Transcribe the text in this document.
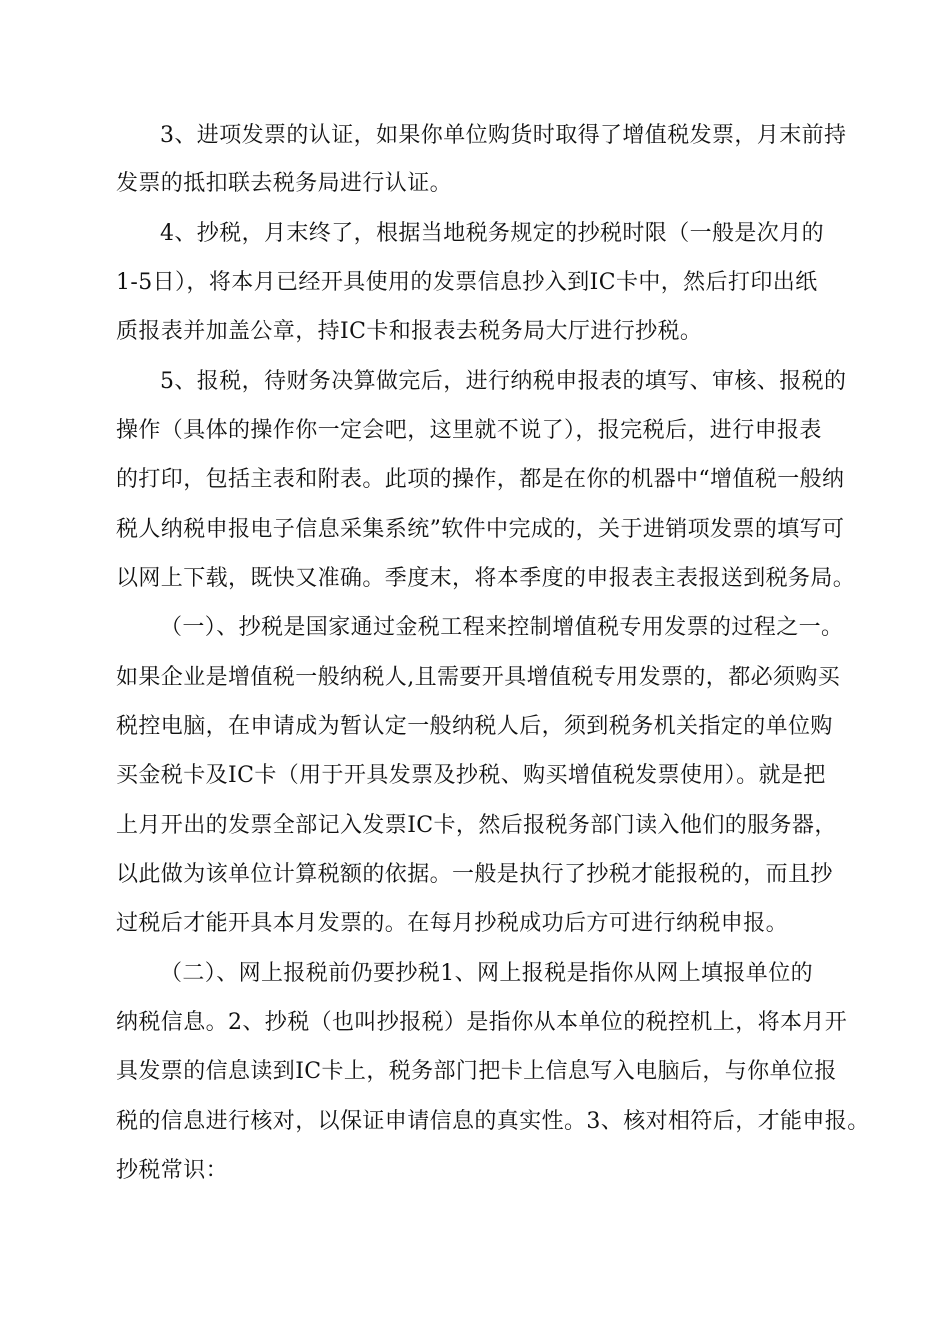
3、进项发票的认证，如果你单位购货时取得了增值税发票，月末前持
发票的抵扣联去税务局进行认证。
4、抄税，月末终了，根据当地税务规定的抄税时限（一般是次月的
1-5日），将本月已经开具使用的发票信息抄入到IC卡中，然后打印出纸
质报表并加盖公章，持IC卡和报表去税务局大厅进行抄税。
5、报税，待财务决算做完后，进行纳税申报表的填写、审核、报税的
操作（具体的操作你一定会吧，这里就不说了），报完税后，进行申报表
的打印，包括主表和附表。此项的操作，都是在你的机器中“增值税一般纳
税人纳税申报电子信息采集系统”软件中完成的，关于进销项发票的填写可
以网上下载，既快又准确。季度末，将本季度的申报表主表报送到税务局。
（一）、抄税是国家通过金税工程来控制增值税专用发票的过程之一。
如果企业是增值税一般纳税人,且需要开具增值税专用发票的，都必须购买
税控电脑，在申请成为暂认定一般纳税人后，须到税务机关指定的单位购
买金税卡及IC卡（用于开具发票及抄税、购买增值税发票使用）。就是把
上月开出的发票全部记入发票IC卡，然后报税务部门读入他们的服务器，
以此做为该单位计算税额的依据。一般是执行了抄税才能报税的，而且抄
过税后才能开具本月发票的。在每月抄税成功后方可进行纳税申报。
（二）、网上报税前仍要抄税1、网上报税是指你从网上填报单位的
纳税信息。2、抄税（也叫抄报税）是指你从本单位的税控机上，将本月开
具发票的信息读到IC卡上，税务部门把卡上信息写入电脑后，与你单位报
税的信息进行核对，以保证申请信息的真实性。3、核对相符后，才能申报。
抄税常识：
